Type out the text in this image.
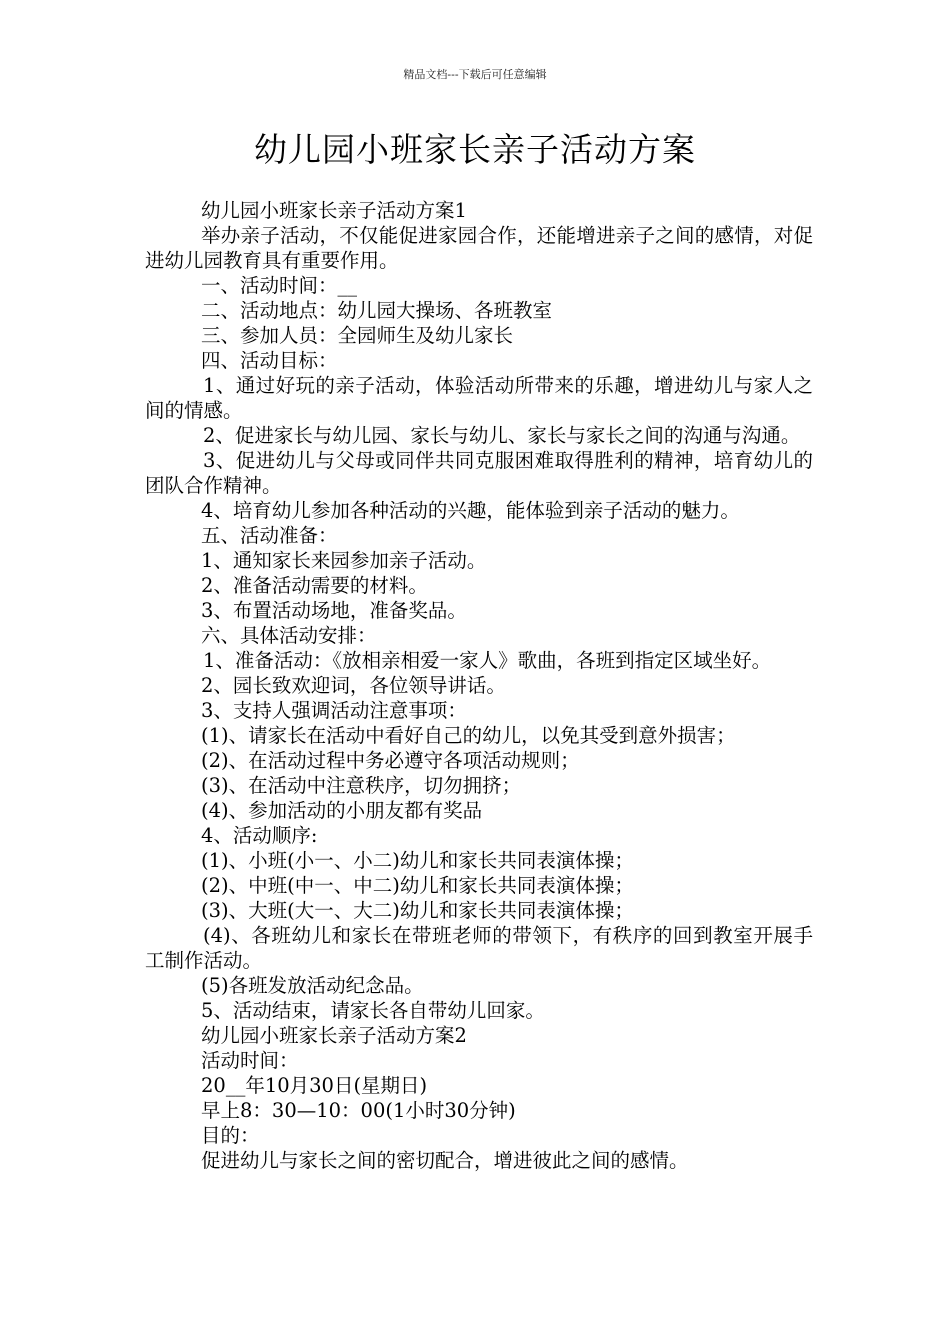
精品文档---下载后可任意编辑
幼儿园小班家长亲子活动方案

幼儿园小班家长亲子活动方案1

举办亲子活动，不仅能促进家园合作，还能增进亲子之间的感情，对促进幼儿园教育具有重要作用。

一、活动时间：__

二、活动地点：幼儿园大操场、各班教室

三、参加人员：全园师生及幼儿家长

四、活动目标：

1、通过好玩的亲子活动，体验活动所带来的乐趣，增进幼儿与家人之间的情感。

2、促进家长与幼儿园、家长与幼儿、家长与家长之间的沟通与沟通。

3、促进幼儿与父母或同伴共同克服困难取得胜利的精神，培育幼儿的团队合作精神。

4、培育幼儿参加各种活动的兴趣，能体验到亲子活动的魅力。

五、活动准备：

1、通知家长来园参加亲子活动。

2、准备活动需要的材料。

3、布置活动场地，准备奖品。

六、具体活动安排：

1、准备活动：《放相亲相爱一家人》歌曲，各班到指定区域坐好。

2、园长致欢迎词，各位领导讲话。

3、支持人强调活动注意事项：

(1)、请家长在活动中看好自己的幼儿，以免其受到意外损害；

(2)、在活动过程中务必遵守各项活动规则；

(3)、在活动中注意秩序，切勿拥挤；

(4)、参加活动的小朋友都有奖品

4、活动顺序:

(1)、小班(小一、小二)幼儿和家长共同表演体操；

(2)、中班(中一、中二)幼儿和家长共同表演体操；

(3)、大班(大一、大二)幼儿和家长共同表演体操；

(4)、各班幼儿和家长在带班老师的带领下，有秩序的回到教室开展手工制作活动。

(5)各班发放活动纪念品。

5、活动结束，请家长各自带幼儿回家。

幼儿园小班家长亲子活动方案2

活动时间：

20__年10月30日(星期日)

早上8：30—10：00(1小时30分钟)

目的：

促进幼儿与家长之间的密切配合，增进彼此之间的感情。
